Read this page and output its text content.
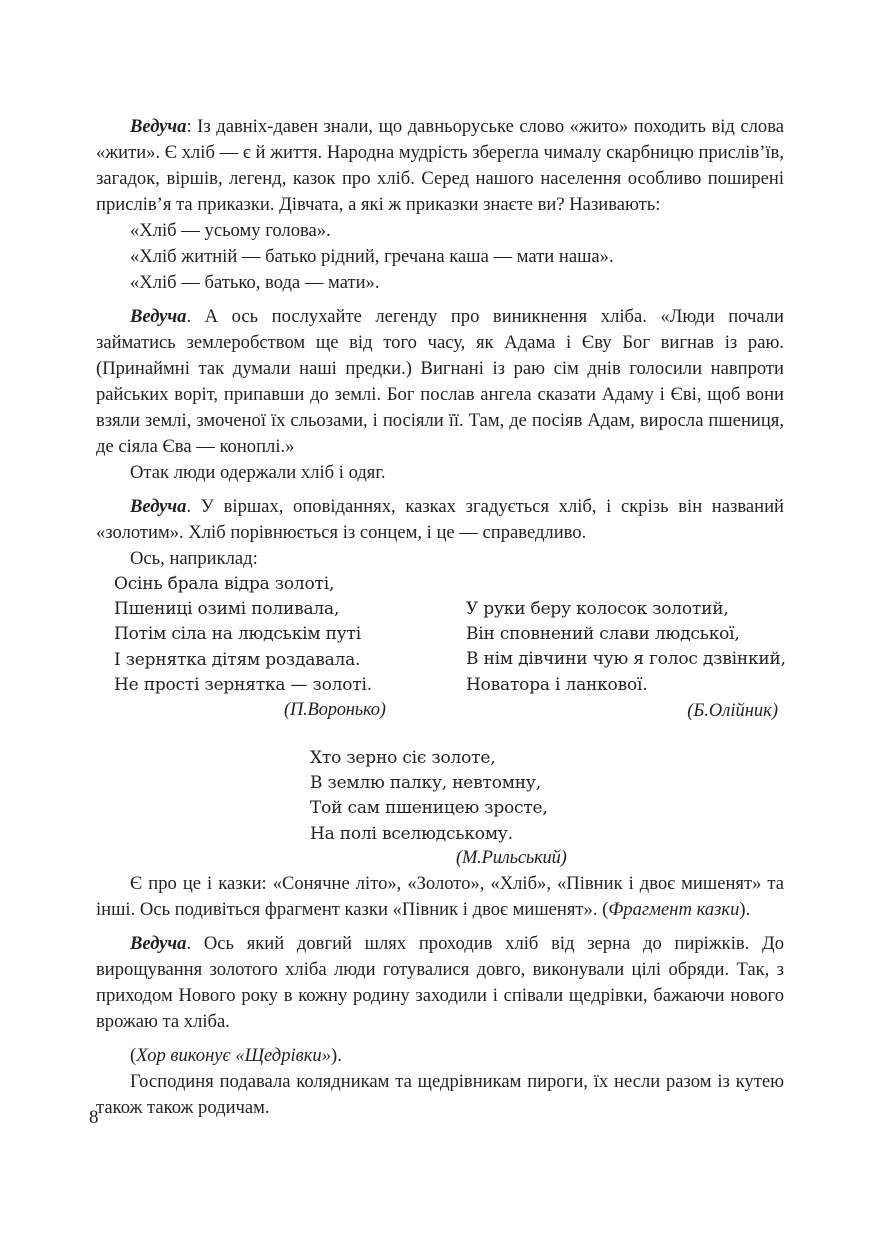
Ведуча: Із давніх-давен знали, що давньоруське слово «жито» походить від слова «жити». Є хліб — є й життя. Народна мудрість зберегла чималу скарбницю прислів’їв, загадок, віршів, легенд, казок про хліб. Серед нашого населення особливо поширені прислів’я та приказки. Дівчата, а які ж приказки знаєте ви? Називають:

«Хліб — усьому голова».

«Хліб житній — батько рідний, гречана каша — мати наша».

«Хліб — батько, вода — мати».

Ведуча. А ось послухайте легенду про виникнення хліба. «Люди почали займатись землеробством ще від того часу, як Адама і Єву Бог вигнав із раю. (Принаймні так думали наші предки.) Вигнані із раю сім днів голосили навпроти райських воріт, припавши до землі. Бог послав ангела сказати Адаму і Єві, щоб вони взяли землі, змоченої їх сльозами, і посіяли її. Там, де посіяв Адам, виросла пшениця, де сіяла Єва — коноплі.»

Отак люди одержали хліб і одяг.

Ведуча. У віршах, оповіданнях, казках згадується хліб, і скрізь він названий «золотим». Хліб порівнюється із сонцем, і це — справедливо.

Ось, наприклад:

Осінь брала відра золоті,
Пшениці озимі поливала,
Потім сіла на людськім путі
І зернятка дітям роздавала.
Не прості зернятка — золоті.
(П.Воронько)
У руки беру колосок золотий,
Він сповнений слави людської,
В нім дівчини чую я голос дзвінкий,
Новатора і ланкової.
(Б.Олійник)
Хто зерно сіє золоте,
В землю палку, невтомну,
Той сам пшеницею зросте,
На полі вселюдському.
(М.Рильський)

Є про це і казки: «Сонячне літо», «Золото», «Хліб», «Півник і двоє мишенят» та інші. Ось подивіться фрагмент казки «Півник і двоє мишенят». (Фрагмент казки).

Ведуча. Ось який довгий шлях проходив хліб від зерна до пиріжків. До вирощування золотого хліба люди готувалися довго, виконували цілі обряди. Так, з приходом Нового року в кожну родину заходили і співали щедрівки, бажаючи нового врожаю та хліба.

(Хор виконує «Щедрівки»).

Господиня подавала колядникам та щедрівникам пироги, їх несли разом із кутею також також родичам.

8
